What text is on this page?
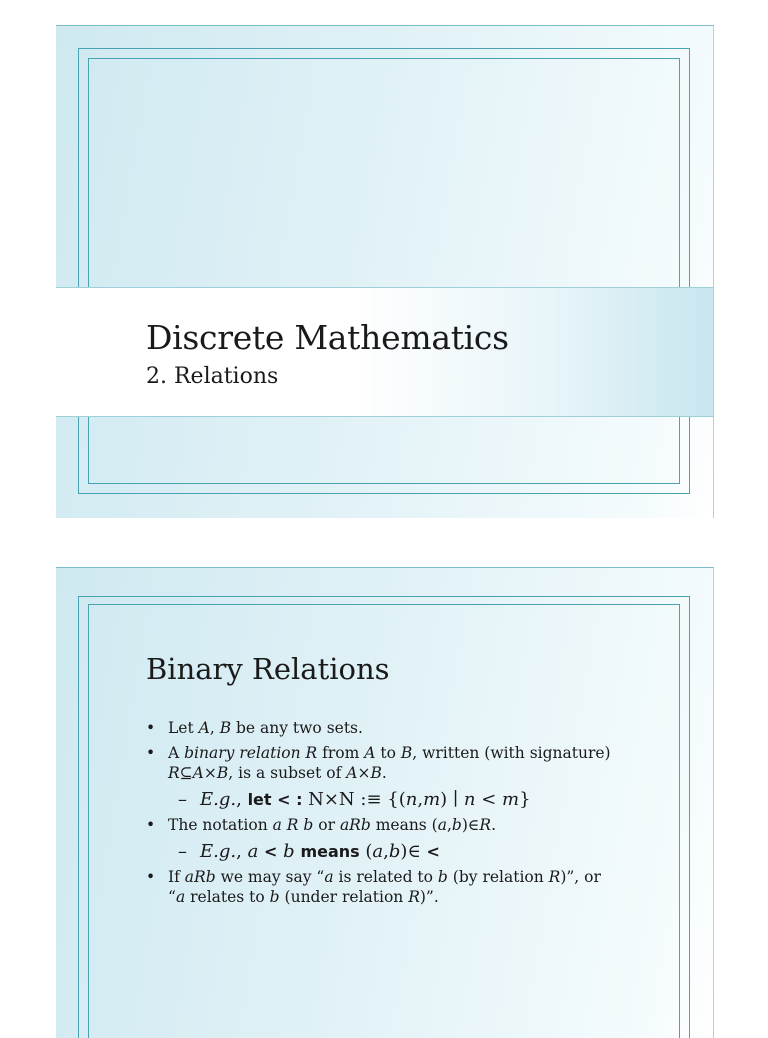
Discrete Mathematics
2. Relations
Binary Relations
• Let A, B be any two sets.
• A binary relation R from A to B, written (with signature)
R⊆A×B, is a subset of A×B.
– E.g., let < : N×N :≡ {(n,m) ∣ n < m}
• The notation a R b or aRb means (a,b)∈R.
– E.g., a < b means (a,b)∈ <
• If aRb we may say “a is related to b (by relation R)”, or
“a relates to b (under relation R)”.
